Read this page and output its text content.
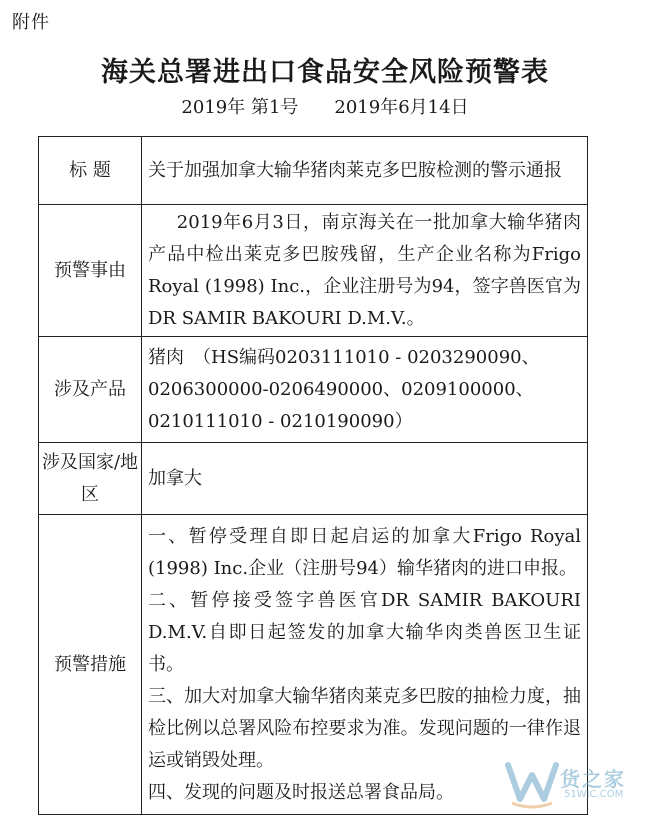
附件
海关总署进出口食品安全风险预警表
2019年 第1号 2019年6月14日
标 题	关于加强加拿大输华猪肉莱克多巴胺检测的警示通报
预警事由	2019年6月3日，南京海关在一批加拿大输华猪肉产品中检出莱克多巴胺残留，生产企业名称为Frigo Royal (1998) Inc.，企业注册号为94，签字兽医官为DR SAMIR BAKOURI D.M.V.。
涉及产品	猪肉　（HS编码0203111010 - 0203290090、
0206300000-0206490000、0209100000、
0210111010 - 0210190090）

涉及国家/地区	加拿大
预警措施	一、暂停受理自即日起启运的加拿大Frigo Royal (1998) Inc.企业（注册号94）输华猪肉的进口申报。
二、暂停接受签字兽医官DR SAMIR BAKOURI D.M.V.自即日起签发的加拿大输华肉类兽医卫生证书。
三、加大对加拿大输华猪肉莱克多巴胺的抽检力度，抽检比例以总署风险布控要求为准。发现问题的一律作退运或销毁处理。
四、发现的问题及时报送总署食品局。
货之家
51WJC.COM
